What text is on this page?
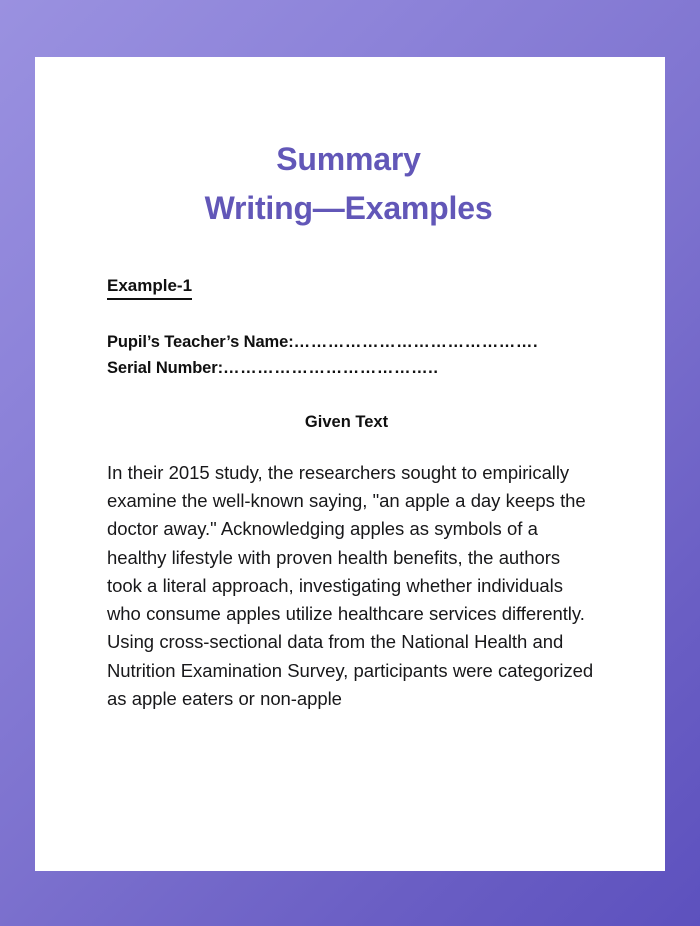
Summary
Writing—Examples
Example-1
Pupil’s Teacher’s Name:…………………………………….
Serial Number:………………………………..
Given Text

In their 2015 study, the researchers sought to empirically examine the well-known saying, "an apple a day keeps the doctor away." Acknowledging apples as symbols of a healthy lifestyle with proven health benefits, the authors took a literal approach, investigating whether individuals who consume apples utilize healthcare services differently. Using cross-sectional data from the National Health and Nutrition Examination Survey, participants were categorized as apple eaters or non-apple
